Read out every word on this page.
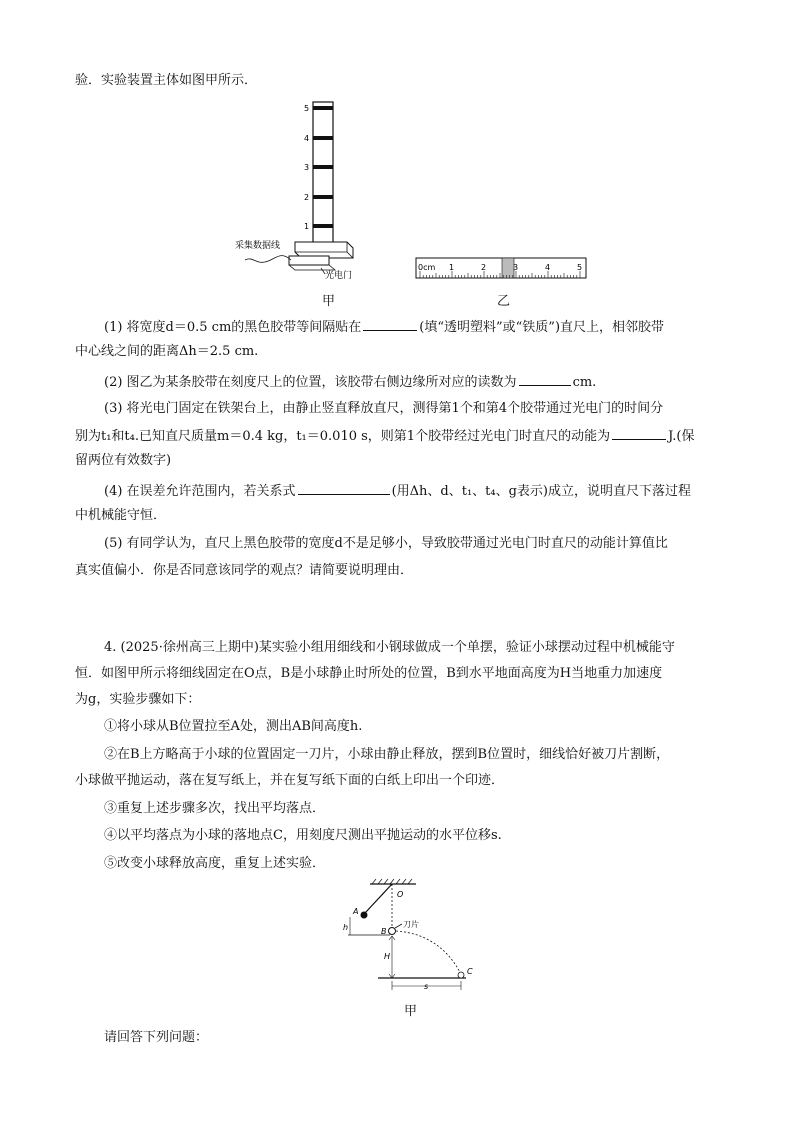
验．实验装置主体如图甲所示．
5
4
3
2
1
采集数据线
光电门
甲
0cm 1	2	3	4	5
乙
(1) 将宽度d＝0.5 cm的黑色胶带等间隔贴在	(填“透明塑料”或“铁质”)直尺上，相邻胶带
中心线之间的距离Δh＝2.5 cm.
(2) 图乙为某条胶带在刻度尺上的位置，该胶带右侧边缘所对应的读数为	cm.
(3) 将光电门固定在铁架台上，由静止竖直释放直尺，测得第1个和第4个胶带通过光电门的时间分
别为t₁和t₄.已知直尺质量m＝0.4 kg，t₁＝0.010 s，则第1个胶带经过光电门时直尺的动能为	J.(保
留两位有效数字)
(4) 在误差允许范围内，若关系式	(用Δh、d、t₁、t₄、g表示)成立，说明直尺下落过程
中机械能守恒．
(5) 有同学认为，直尺上黑色胶带的宽度d不是足够小，导致胶带通过光电门时直尺的动能计算值比
真实值偏小．你是否同意该同学的观点？请简要说明理由．
4. (2025·徐州高三上期中)某实验小组用细线和小钢球做成一个单摆，验证小球摆动过程中机械能守
恒．如图甲所示将细线固定在O点，B是小球静止时所处的位置，B到水平地面高度为H当地重力加速度
为g，实验步骤如下：
①将小球从B位置拉至A处，测出AB间高度h.
②在B上方略高于小球的位置固定一刀片，小球由静止释放，摆到B位置时，细线恰好被刀片割断，
小球做平抛运动，落在复写纸上，并在复写纸下面的白纸上印出一个印迹．
③重复上述步骤多次，找出平均落点．
④以平均落点为小球的落地点C，用刻度尺测出平抛运动的水平位移s.
⑤改变小球释放高度，重复上述实验．
O
A
B
刀片
h
H
C
s
甲
请回答下列问题：
